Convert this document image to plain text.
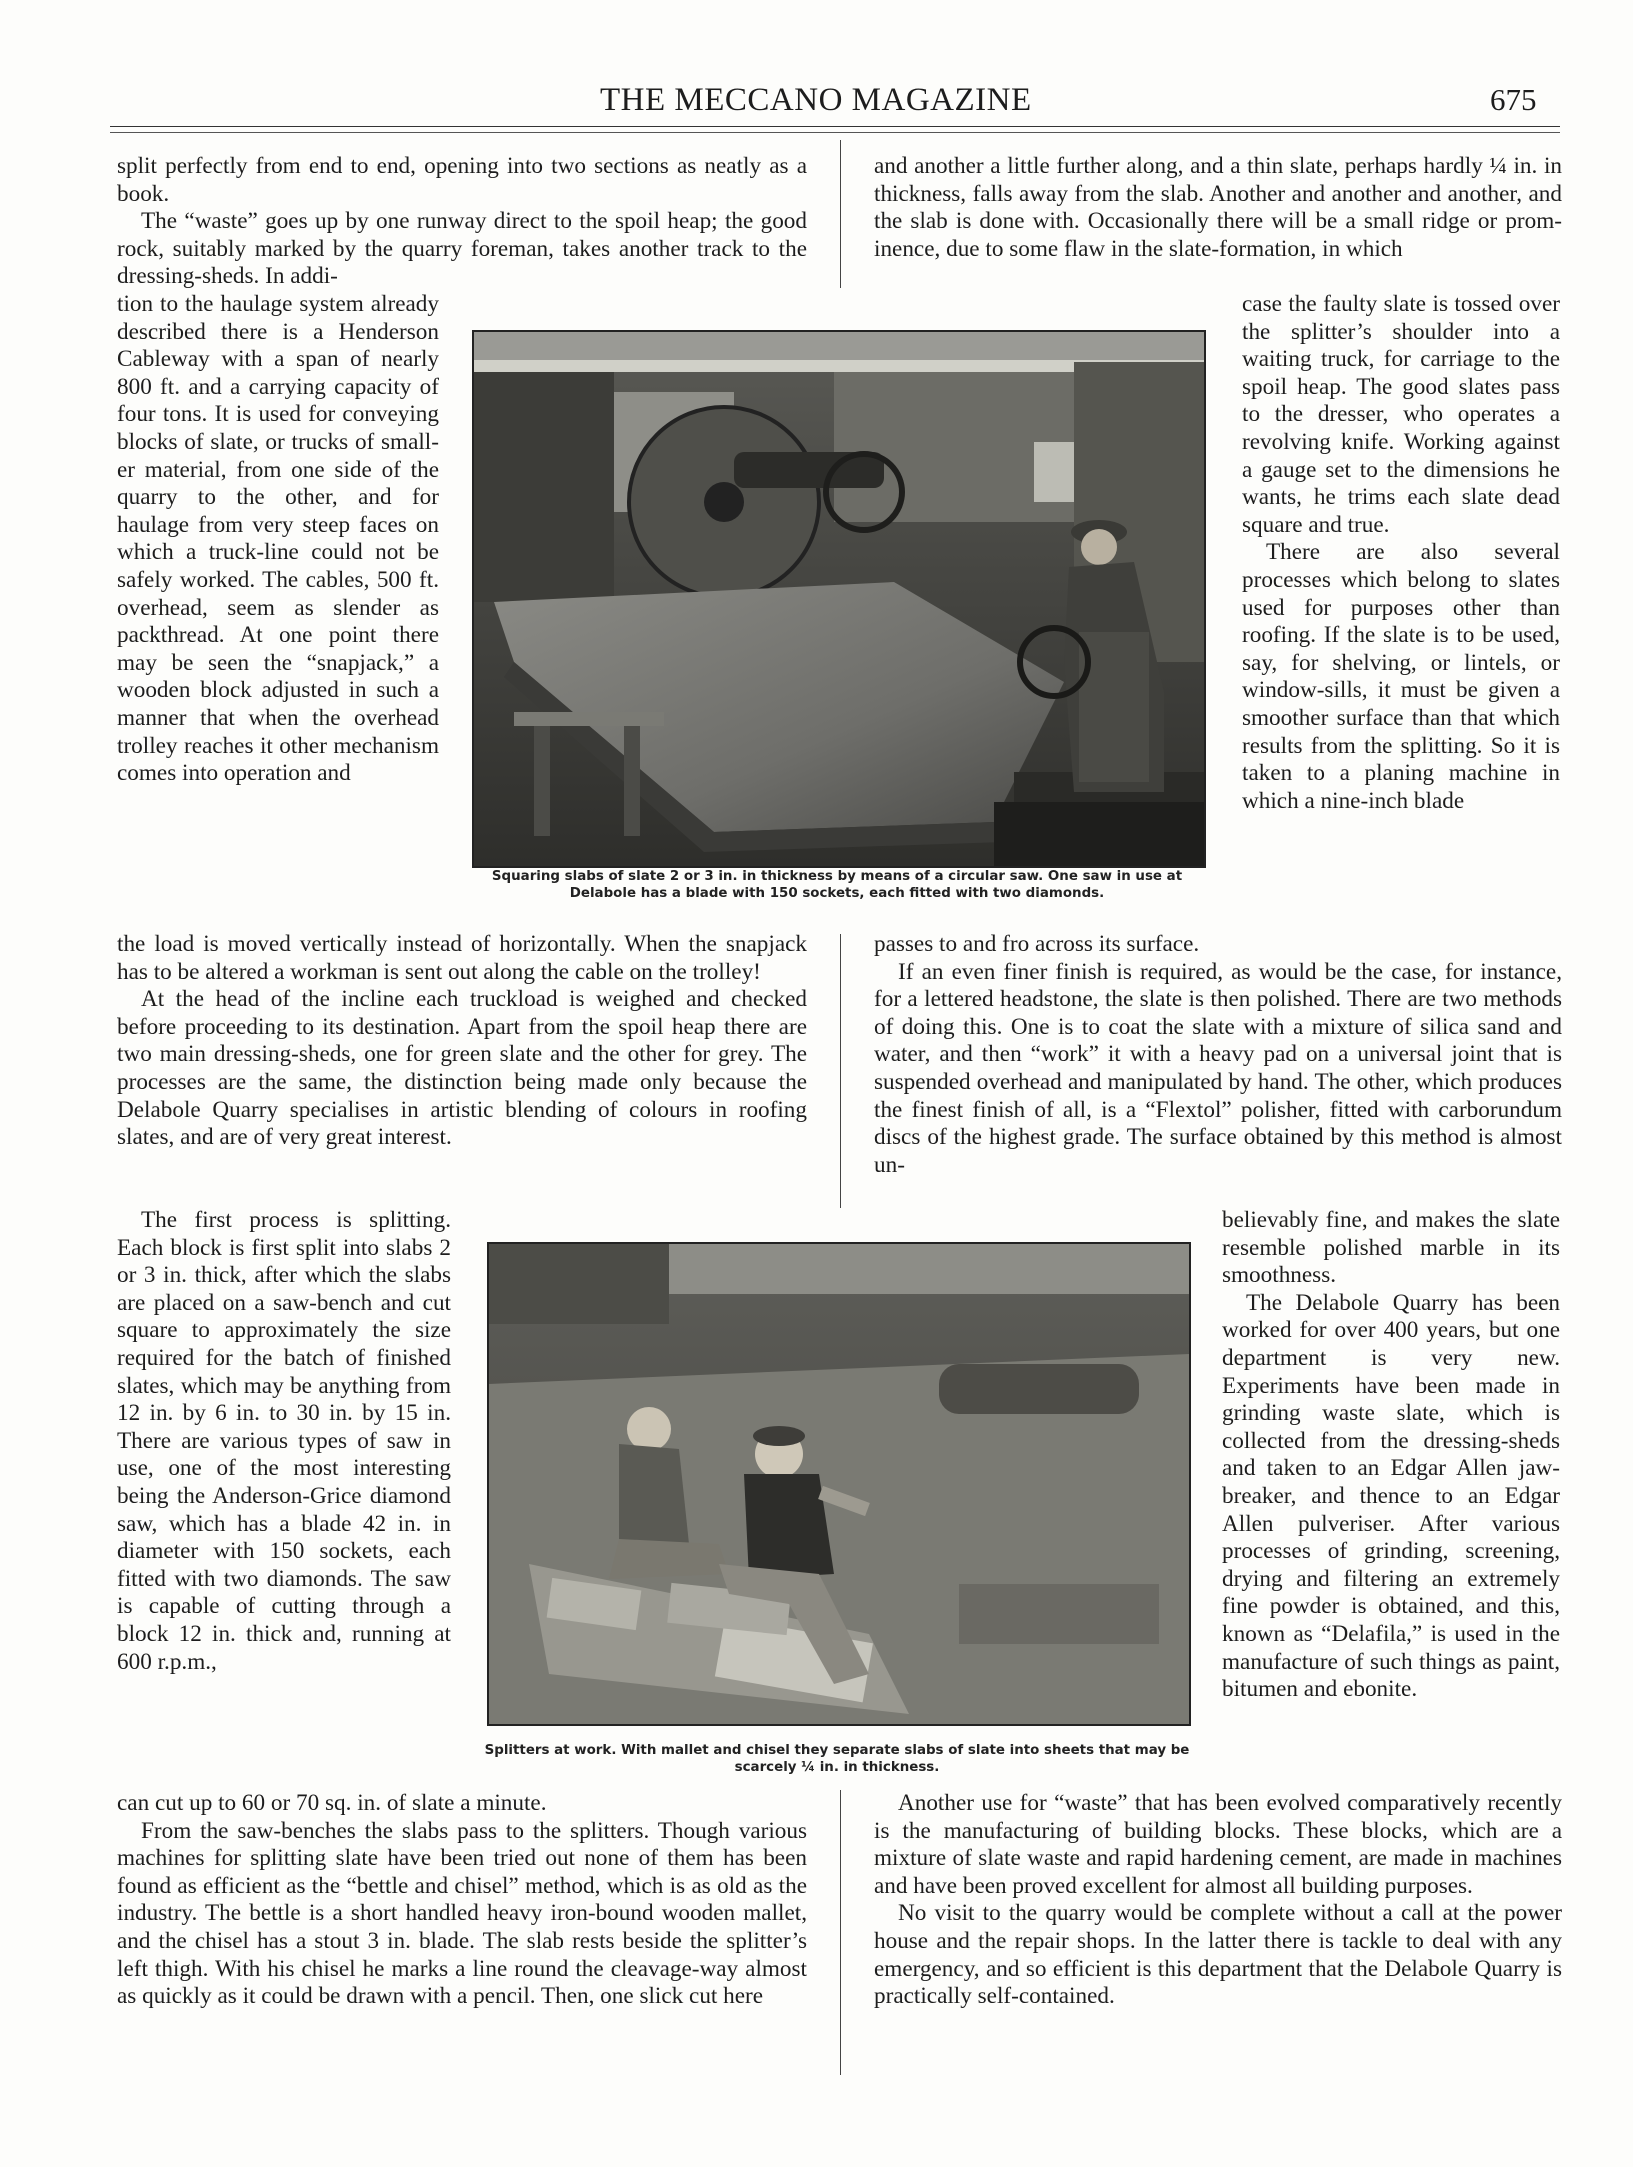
THE MECCANO MAGAZINE	675

split perfectly from end to end, opening into two sections as neatly as a book.

The “waste” goes up by one runway direct to the spoil heap; the good rock, suitably marked by the quarry foreman, takes another track to the dressing-sheds. In addi-

tion to the haulage system already described there is a Henderson Cableway with a span of nearly 800 ft. and a carrying capacity of four tons. It is used for conveying blocks of slate, or trucks of smaller material, from one side of the quarry to the other, and for haulage from very steep faces on which a truck-line could not be safely worked. The cables, 500 ft. overhead, seem as slender as packthread. At one point there may be seen the “snapjack,” a wooden block adjusted in such a manner that when the overhead trolley reaches it other mechanism comes into operation and

the load is moved vertically instead of horizontally. When the snapjack has to be altered a workman is sent out along the cable on the trolley!

At the head of the incline each truckload is weighed and checked before proceeding to its destination. Apart from the spoil heap there are two main dressing-sheds, one for green slate and the other for grey. The processes are the same, the distinction being made only because the Delabole Quarry specialises in artistic blending of colours in roofing slates, and are of very great interest.

The first process is splitting. Each block is first split into slabs 2 or 3 in. thick, after which the slabs are placed on a saw-bench and cut square to approximately the size required for the batch of finished slates, which may be anything from 12 in. by 6 in. to 30 in. by 15 in. There are various types of saw in use, one of the most interesting being the Anderson-Grice diamond saw, which has a blade 42 in. in diameter with 150 sockets, each fitted with two diamonds. The saw is capable of cutting through a block 12 in. thick and, running at 600 r.p.m.,

can cut up to 60 or 70 sq. in. of slate a minute.

From the saw-benches the slabs pass to the splitters. Though various machines for splitting slate have been tried out none of them has been found as efficient as the “bettle and chisel” method, which is as old as the industry. The bettle is a short handled heavy iron-bound wooden mallet, and the chisel has a stout 3 in. blade. The slab rests beside the splitter’s left thigh. With his chisel he marks a line round the cleavage-way almost as quickly as it could be drawn with a pencil. Then, one slick cut here

and another a little further along, and a thin slate, perhaps hardly ¼ in. in thickness, falls away from the slab. Another and another and another, and the slab is done with. Occasionally there will be a small ridge or prominence, due to some flaw in the slate-formation, in which

case the faulty slate is tossed over the splitter’s shoulder into a waiting truck, for carriage to the spoil heap. The good slates pass to the dresser, who operates a revolving knife. Working against a gauge set to the dimensions he wants, he trims each slate dead square and true.

There are also several processes which belong to slates used for purposes other than roofing. If the slate is to be used, say, for shelving, or lintels, or window-sills, it must be given a smoother surface than that which results from the splitting. So it is taken to a planing machine in which a nine-inch blade

passes to and fro across its surface.

If an even finer finish is required, as would be the case, for instance, for a lettered headstone, the slate is then polished. There are two methods of doing this. One is to coat the slate with a mixture of silica sand and water, and then “work” it with a heavy pad on a universal joint that is suspended overhead and manipulated by hand. The other, which produces the finest finish of all, is a “Flextol” polisher, fitted with carborundum discs of the highest grade. The surface obtained by this method is almost un-

believably fine, and makes the slate resemble polished marble in its smoothness.

The Delabole Quarry has been worked for over 400 years, but one department is very new. Experiments have been made in grinding waste slate, which is collected from the dressing-sheds and taken to an Edgar Allen jaw-breaker, and thence to an Edgar Allen pulveriser. After various processes of grinding, screening, drying and filtering an extremely fine powder is obtained, and this, known as “Delafila,” is used in the manufacture of such things as paint, bitumen and ebonite.

Another use for “waste” that has been evolved comparatively recently is the manufacturing of building blocks. These blocks, which are a mixture of slate waste and rapid hardening cement, are made in machines and have been proved excellent for almost all building purposes.

No visit to the quarry would be complete without a call at the power house and the repair shops. In the latter there is tackle to deal with any emergency, and so efficient is this department that the Delabole Quarry is practically self-contained.

Squaring slabs of slate 2 or 3 in. in thickness by means of a circular saw. One saw in use at Delabole has a blade with 150 sockets, each fitted with two diamonds.
Splitters at work. With mallet and chisel they separate slabs of slate into sheets that may be scarcely ¼ in. in thickness.
